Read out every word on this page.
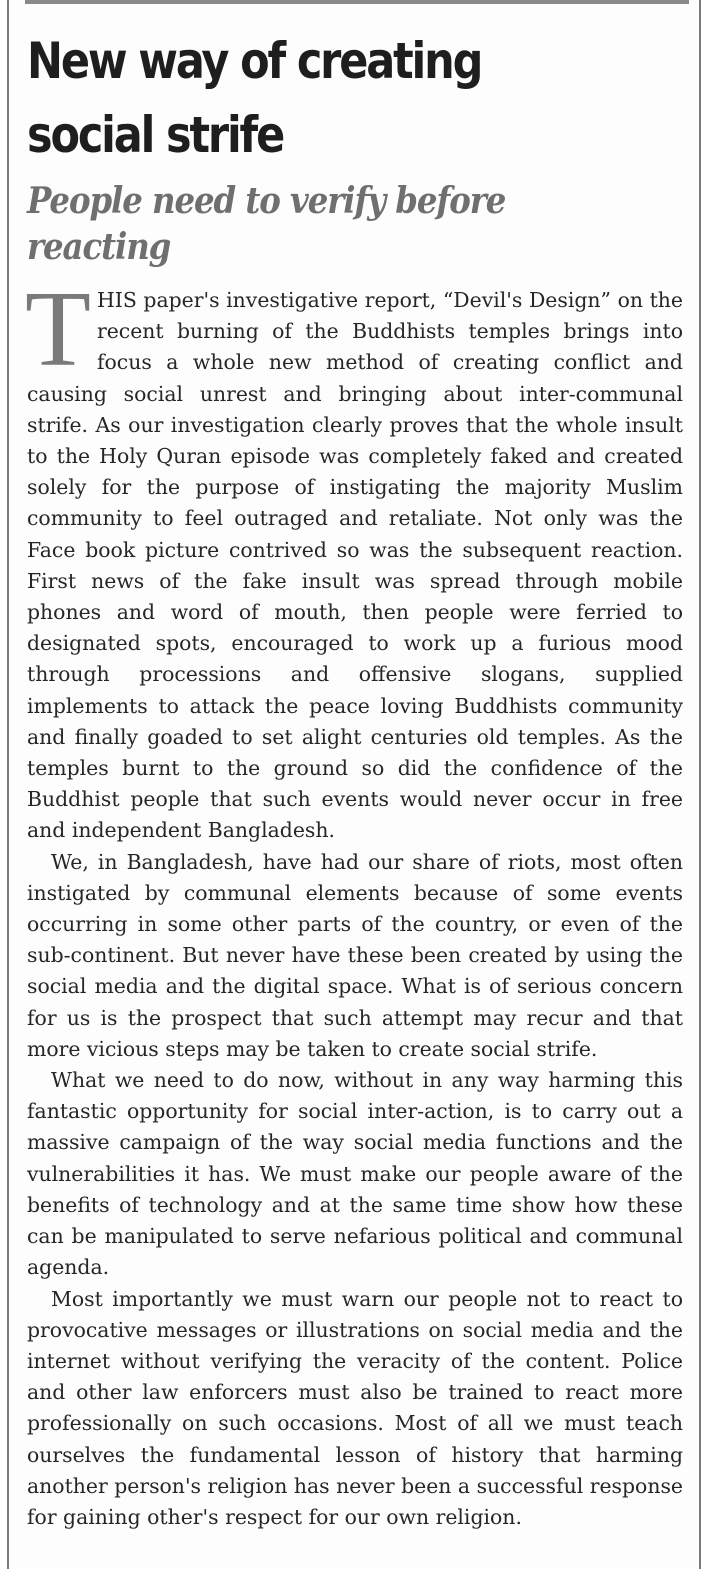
New way of creating
social strife
People need to verify before
reacting

THIS paper's investigative report, “Devil's Design” on the recent burning of the Buddhists temples brings into focus a whole new method of creating conflict and causing social unrest and bringing about inter-communal strife. As our investigation clearly proves that the whole insult to the Holy Quran episode was completely faked and created solely for the purpose of instigating the majority Muslim community to feel outraged and retaliate. Not only was the Face book picture contrived so was the subsequent reaction. First news of the fake insult was spread through mobile phones and word of mouth, then people were ferried to designated spots, encouraged to work up a furious mood through processions and offensive slogans, supplied implements to attack the peace loving Buddhists community and finally goaded to set alight centuries old temples. As the temples burnt to the ground so did the confidence of the Buddhist people that such events would never occur in free and independent Bangladesh.

We, in Bangladesh, have had our share of riots, most often instigated by communal elements because of some events occurring in some other parts of the country, or even of the sub-continent. But never have these been created by using the social media and the digital space. What is of serious concern for us is the prospect that such attempt may recur and that more vicious steps may be taken to create social strife.

What we need to do now, without in any way harming this fantastic opportunity for social inter-action, is to carry out a massive campaign of the way social media functions and the vulnerabilities it has. We must make our people aware of the benefits of technology and at the same time show how these can be manipulated to serve nefarious political and communal agenda.

Most importantly we must warn our people not to react to provocative messages or illustrations on social media and the internet without verifying the veracity of the content. Police and other law enforcers must also be trained to react more professionally on such occasions. Most of all we must teach ourselves the fundamental lesson of history that harming another person's religion has never been a successful response for gaining other's respect for our own religion.
